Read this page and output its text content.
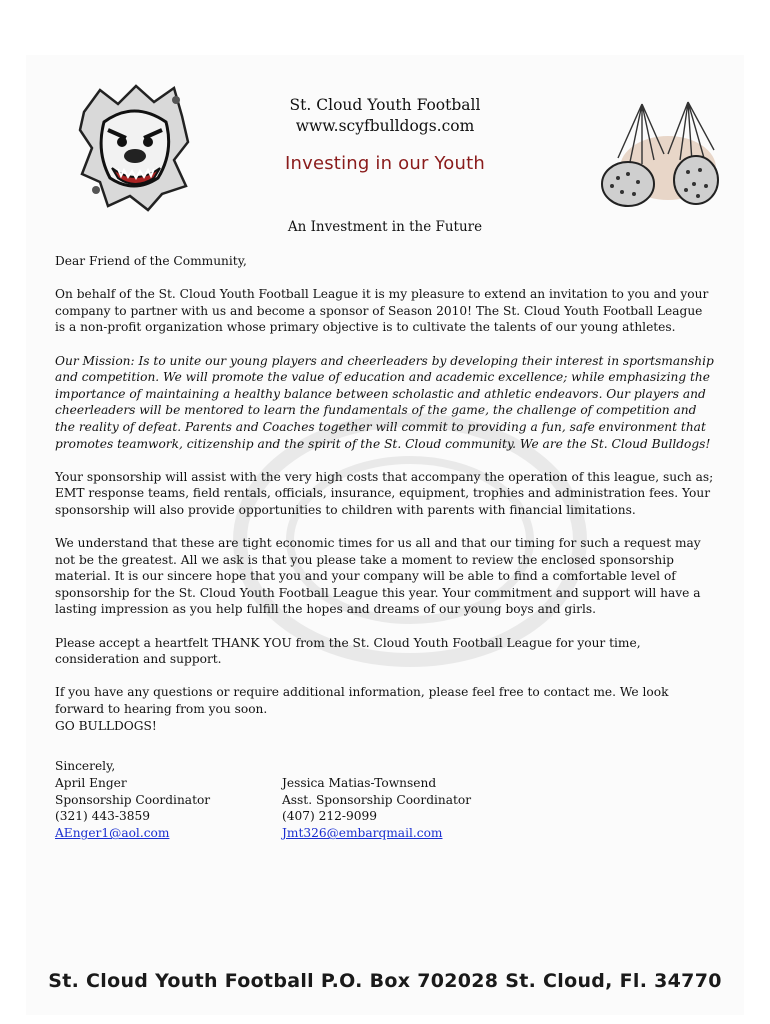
St. Cloud Youth Football

www.scyfbulldogs.com

Investing in our Youth
An Investment in the Future

Dear Friend of the Community,

On behalf of the St. Cloud Youth Football League it is my pleasure to extend an invitation to you and your company to partner with us and become a sponsor of Season 2010! The St. Cloud Youth Football League is a non-profit organization whose primary objective is to cultivate the talents of our young athletes.

Our Mission: Is to unite our young players and cheerleaders by developing their interest in sportsmanship and competition. We will promote the value of education and academic excellence; while emphasizing the importance of maintaining a healthy balance between scholastic and athletic endeavors. Our players and cheerleaders will be mentored to learn the fundamentals of the game, the challenge of competition and the reality of defeat. Parents and Coaches together will commit to providing a fun, safe environment that promotes teamwork, citizenship and the spirit of the St. Cloud community. We are the St. Cloud Bulldogs!

Your sponsorship will assist with the very high costs that accompany the operation of this league, such as; EMT response teams, field rentals, officials, insurance, equipment, trophies and administration fees. Your sponsorship will also provide opportunities to children with parents with financial limitations.

We understand that these are tight economic times for us all and that our timing for such a request may not be the greatest. All we ask is that you please take a moment to review the enclosed sponsorship material. It is our sincere hope that you and your company will be able to find a comfortable level of sponsorship for the St. Cloud Youth Football League this year. Your commitment and support will have a lasting impression as you help fulfill the hopes and dreams of our young boys and girls.

Please accept a heartfelt THANK YOU from the St. Cloud Youth Football League for your time, consideration and support.

If you have any questions or require additional information, please feel free to contact me. We look forward to hearing from you soon.

GO BULLDOGS!

Sincerely,

April Enger
Sponsorship Coordinator
(321) 443-3859
AEnger1@aol.com
Jessica Matias-Townsend
Asst. Sponsorship Coordinator
(407) 212-9099
Jmt326@embarqmail.com
St. Cloud Youth Football P.O. Box 702028 St. Cloud, Fl. 34770
